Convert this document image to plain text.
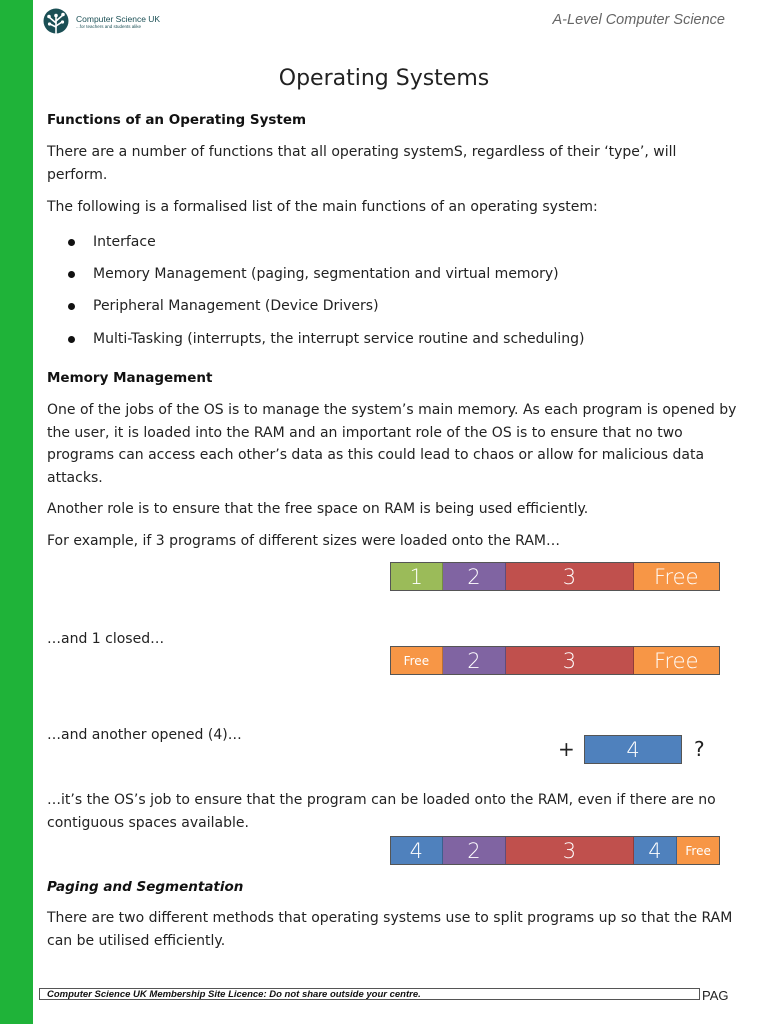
Computer Science UK
...for teachers and students alike	A-Level Computer Science
Operating Systems
Functions of an Operating System

There are a number of functions that all operating systemS, regardless of their ‘type’, will perform.

The following is a formalised list of the main functions of an operating system:

Interface
Memory Management (paging, segmentation and virtual memory)
Peripheral Management (Device Drivers)
Multi-Tasking (interrupts, the interrupt service routine and scheduling)
Memory Management

One of the jobs of the OS is to manage the system’s main memory. As each program is opened by the user, it is loaded into the RAM and an important role of the OS is to ensure that no two programs can access each other’s data as this could lead to chaos or allow for malicious data attacks.

Another role is to ensure that the free space on RAM is being used efficiently.

For example, if 3 programs of different sizes were loaded onto the RAM…

1	2	3	Free

…and 1 closed…

Free	2	3	Free

…and another opened (4)…

+	4	?

…it’s the OS’s job to ensure that the program can be loaded onto the RAM, even if there are no contiguous spaces available.

4	2	3	4	Free
Paging and Segmentation

There are two different methods that operating systems use to split programs up so that the RAM can be utilised efficiently.

Computer Science UK Membership Site Licence: Do not share outside your centre.	PAG
